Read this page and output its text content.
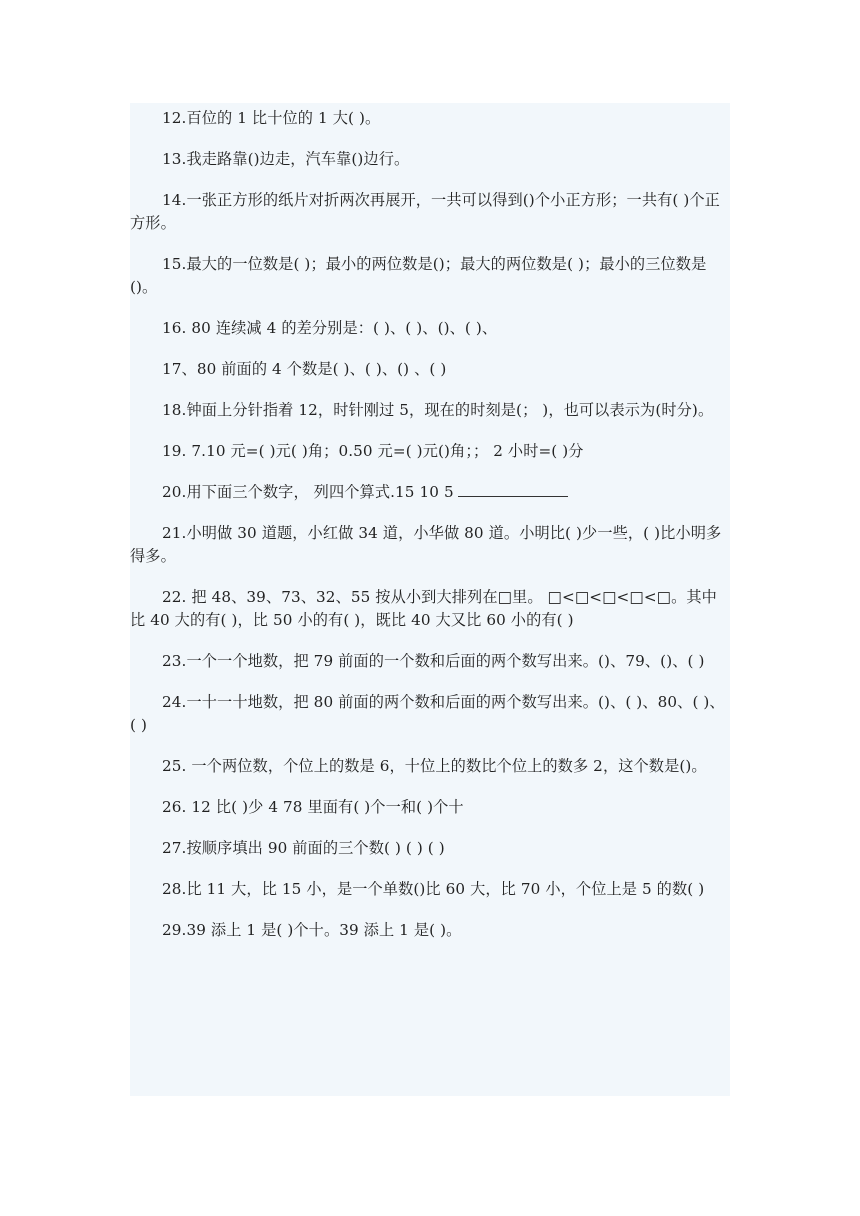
12.百位的 1 比十位的 1 大( )。

13.我走路靠()边走，汽车靠()边行。

14.一张正方形的纸片对折两次再展开，一共可以得到()个小正方形；一共有( )个正方形。

15.最大的一位数是( )；最小的两位数是()；最大的两位数是( )；最小的三位数是()。

16. 80 连续减 4 的差分别是：( )、( )、()、( )、

17、80 前面的 4 个数是( )、( )、() 、( )

18.钟面上分针指着 12，时针刚过 5，现在的时刻是(； )，也可以表示为(时分)。

19. 7.10 元=( )元( )角；0.50 元=( )元()角；； 2 小时=( )分

20.用下面三个数字， 列四个算式.15 10 5

21.小明做 30 道题，小红做 34 道，小华做 80 道。小明比( )少一些，( )比小明多得多。

22. 把 48、39、73、32、55 按从小到大排列在□里。 □<□<□<□<□。其中比 40 大的有( )，比 50 小的有( )，既比 40 大又比 60 小的有( )

23.一个一个地数，把 79 前面的一个数和后面的两个数写出来。()、79、()、( )

24.一十一十地数，把 80 前面的两个数和后面的两个数写出来。()、( )、80、( )、( )

25. 一个两位数，个位上的数是 6，十位上的数比个位上的数多 2，这个数是()。

26. 12 比( )少 4 78 里面有( )个一和( )个十

27.按顺序填出 90 前面的三个数( ) ( ) ( )

28.比 11 大，比 15 小，是一个单数()比 60 大，比 70 小，个位上是 5 的数( )

29.39 添上 1 是( )个十。39 添上 1 是( )。
